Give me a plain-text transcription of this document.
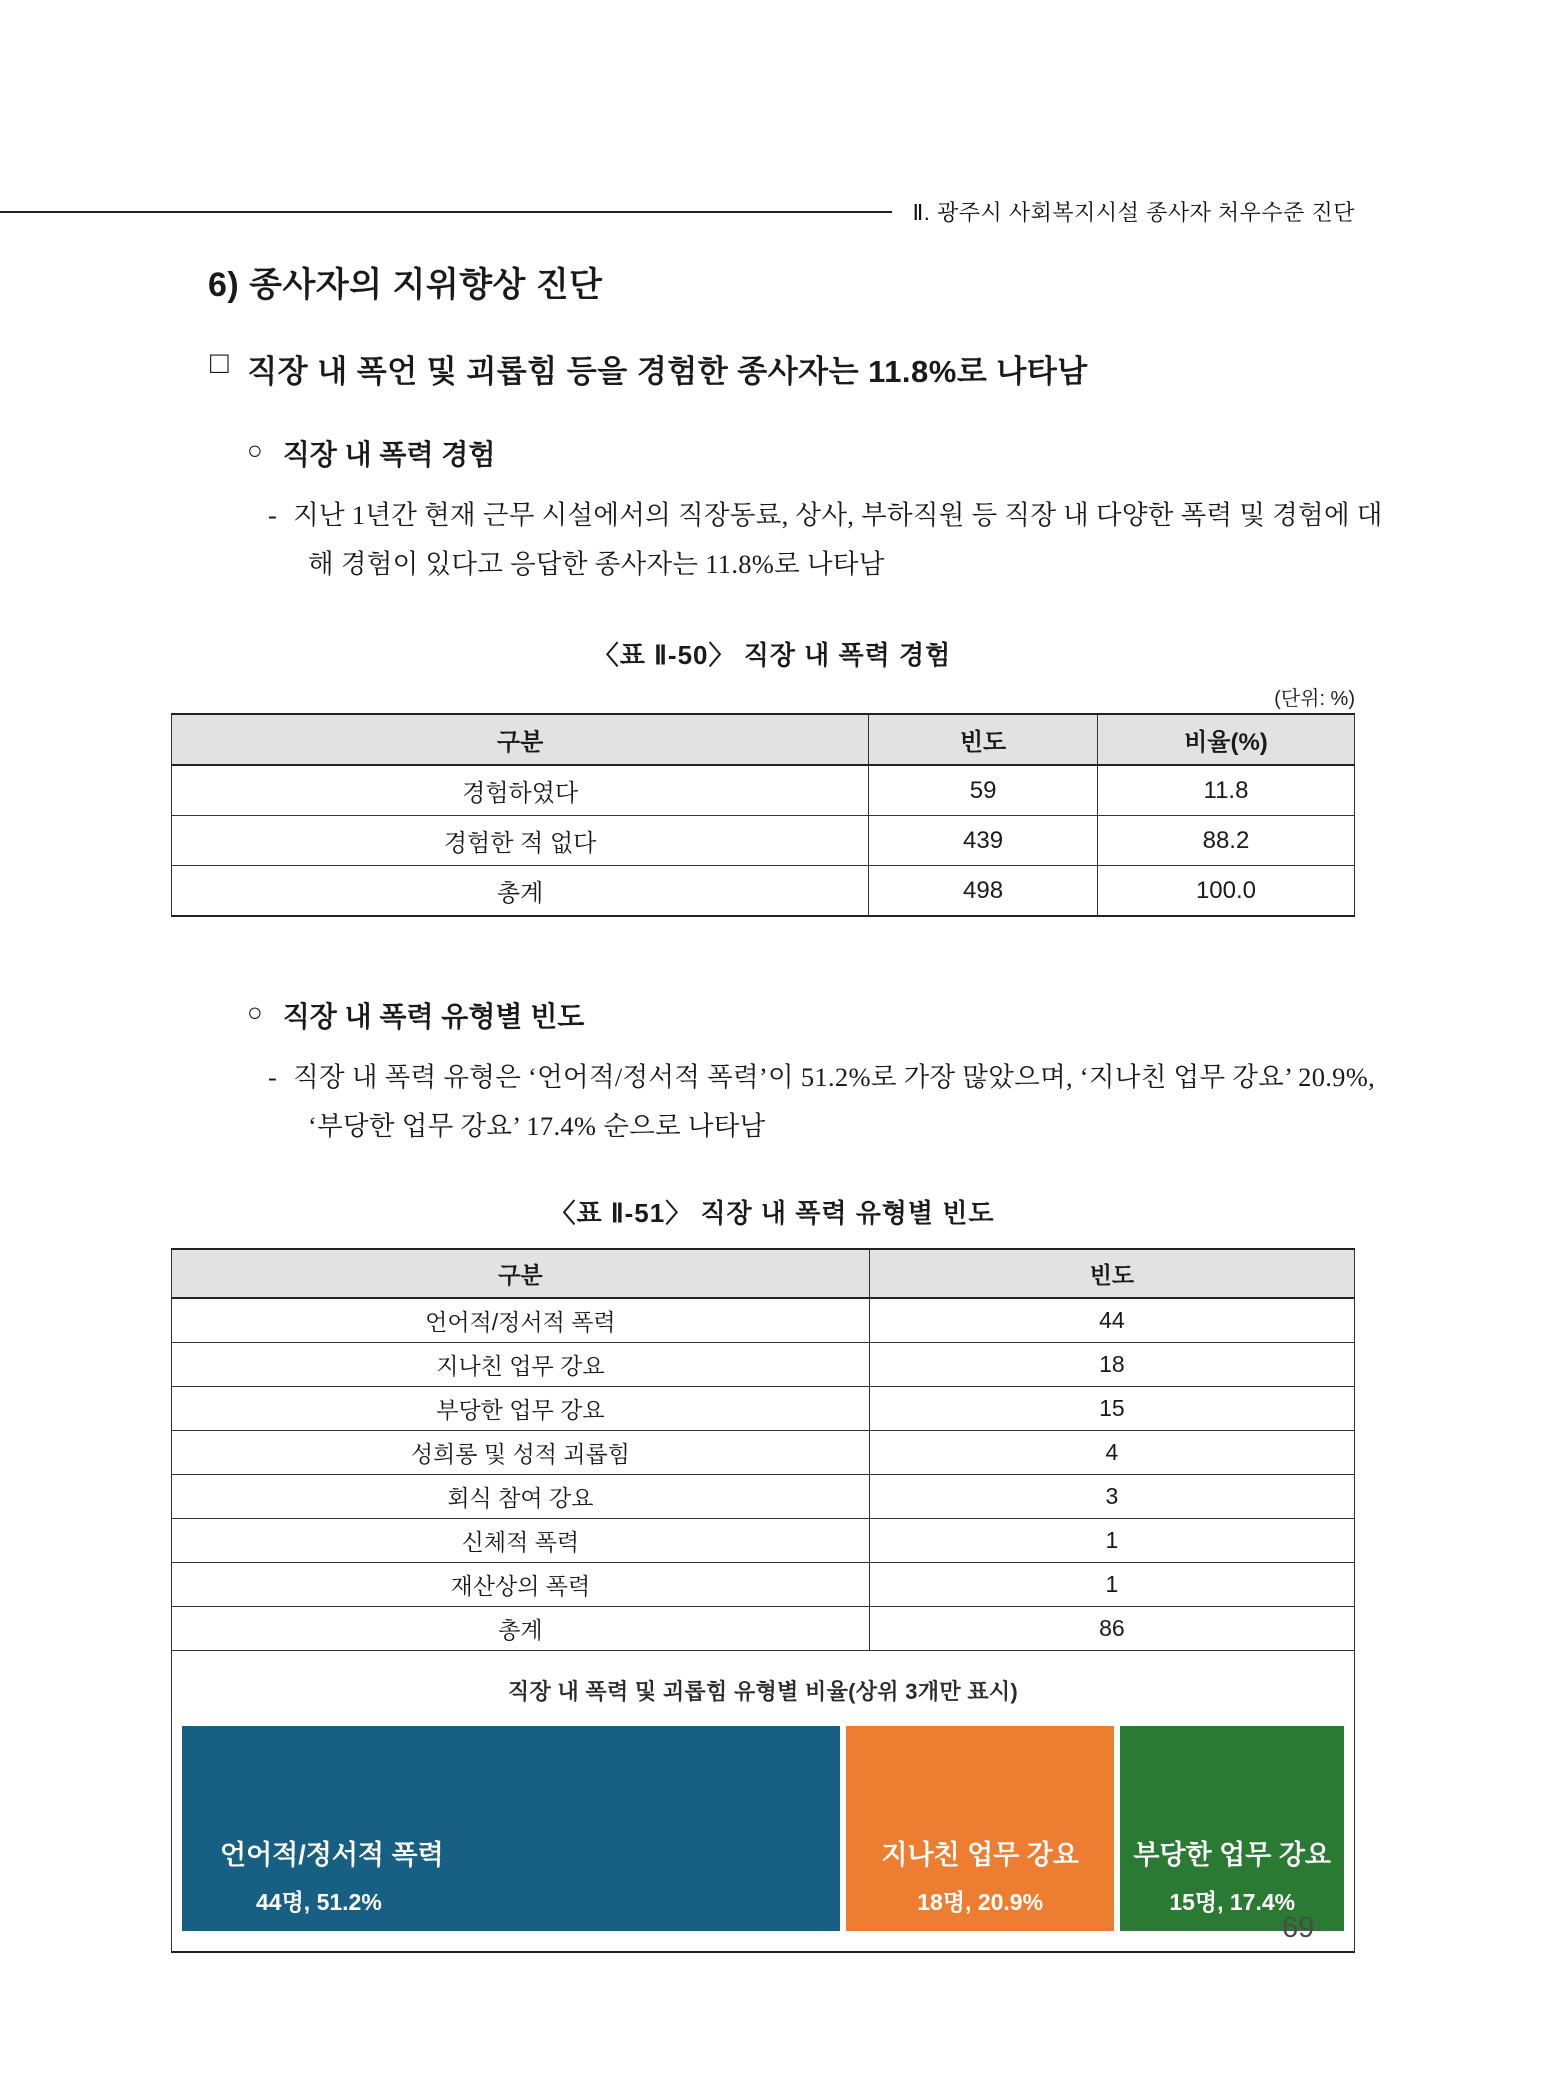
Ⅱ. 광주시 사회복지시설 종사자 처우수준 진단
6) 종사자의 지위향상 진단
□ 직장 내 폭언 및 괴롭힘 등을 경험한 종사자는 11.8%로 나타남
○ 직장 내 폭력 경험

- 지난 1년간 현재 근무 시설에서의 직장동료, 상사, 부하직원 등 직장 내 다양한 폭력 및 경험에 대해 경험이 있다고 응답한 종사자는 11.8%로 나타남

〈표 Ⅱ-50〉 직장 내 폭력 경험
(단위: %)
구분	빈도	비율(%)
경험하였다	59	11.8
경험한 적 없다	439	88.2
총계	498	100.0
○ 직장 내 폭력 유형별 빈도

- 직장 내 폭력 유형은 ‘언어적/정서적 폭력’이 51.2%로 가장 많았으며, ‘지나친 업무 강요’ 20.9%, ‘부당한 업무 강요’ 17.4% 순으로 나타남

〈표 Ⅱ-51〉 직장 내 폭력 유형별 빈도
구분	빈도
언어적/정서적 폭력	44
지나친 업무 강요	18
부당한 업무 강요	15
성희롱 및 성적 괴롭힘	4
회식 참여 강요	3
신체적 폭력	1
재산상의 폭력	1
총계	86

직장 내 폭력 및 괴롭힘 유형별 비율(상위 3개만 표시)
언어적/정서적 폭력
44명, 51.2%
지나친 업무 강요
18명, 20.9%
부당한 업무 강요
15명, 17.4%
69
